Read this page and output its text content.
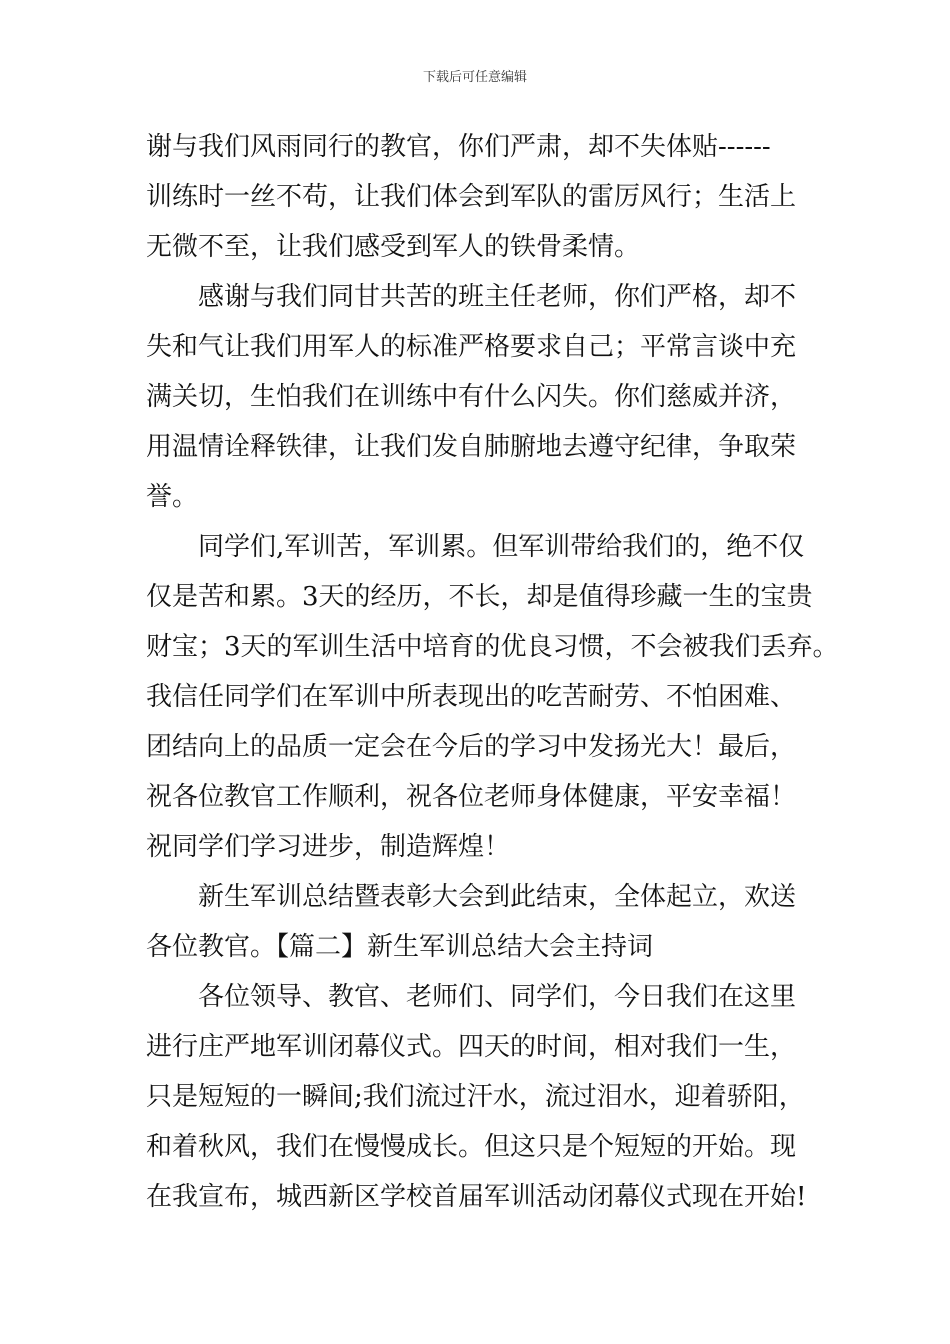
下载后可任意编辑
谢与我们风雨同行的教官，你们严肃，却不失体贴------
训练时一丝不苟，让我们体会到军队的雷厉风行；生活上
无微不至，让我们感受到军人的铁骨柔情。
感谢与我们同甘共苦的班主任老师，你们严格，却不
失和气让我们用军人的标准严格要求自己；平常言谈中充
满关切，生怕我们在训练中有什么闪失。你们慈威并济，
用温情诠释铁律，让我们发自肺腑地去遵守纪律，争取荣
誉。
同学们,军训苦，军训累。但军训带给我们的，绝不仅
仅是苦和累。3天的经历，不长，却是值得珍藏一生的宝贵
财宝；3天的军训生活中培育的优良习惯，不会被我们丢弃。
我信任同学们在军训中所表现出的吃苦耐劳、不怕困难、
团结向上的品质一定会在今后的学习中发扬光大！最后，
祝各位教官工作顺利，祝各位老师身体健康，平安幸福！
祝同学们学习进步，制造辉煌！
新生军训总结暨表彰大会到此结束，全体起立，欢送
各位教官。【篇二】新生军训总结大会主持词
各位领导、教官、老师们、同学们，今日我们在这里
进行庄严地军训闭幕仪式。四天的时间，相对我们一生，
只是短短的一瞬间;我们流过汗水，流过泪水，迎着骄阳，
和着秋风，我们在慢慢成长。但这只是个短短的开始。现
在我宣布，城西新区学校首届军训活动闭幕仪式现在开始!
